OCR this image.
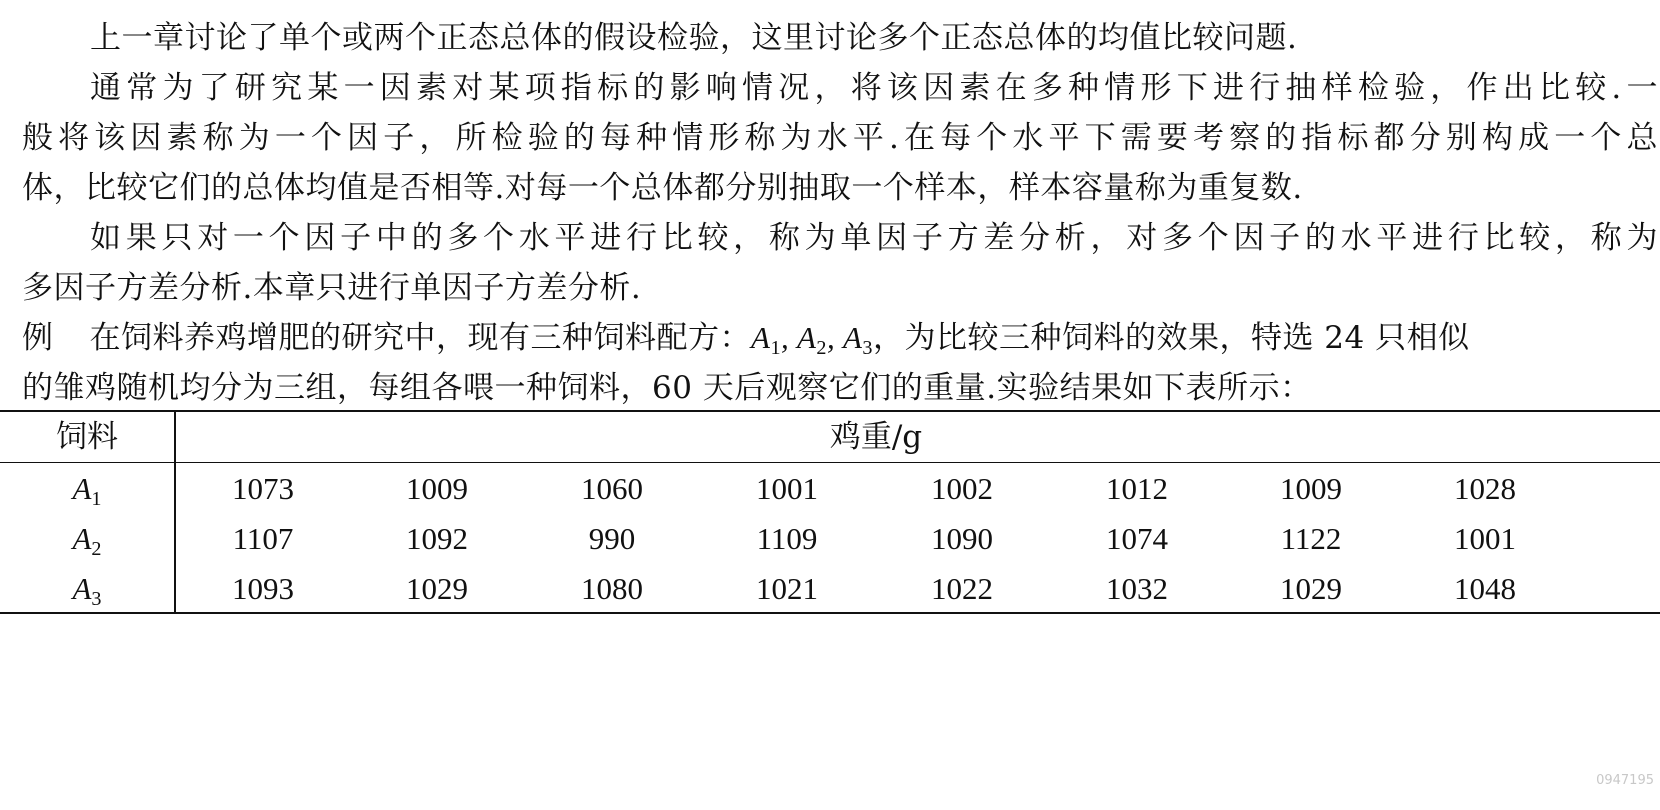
上一章讨论了单个或两个正态总体的假设检验，这里讨论多个正态总体的均值比较问题.
通常为了研究某一因素对某项指标的影响情况，将该因素在多种情形下进行抽样检验，作出比较.一
般将该因素称为一个因子，所检验的每种情形称为水平.在每个水平下需要考察的指标都分别构成一个总
体，比较它们的总体均值是否相等.对每一个总体都分别抽取一个样本，样本容量称为重复数.
如果只对一个因子中的多个水平进行比较，称为单因子方差分析，对多个因子的水平进行比较，称为
多因子方差分析.本章只进行单因子方差分析.
例 在饲料养鸡增肥的研究中，现有三种饲料配方：$A_1$, $A_2$, $A_3$，为比较三种饲料的效果，特选 24 只相似
的雏鸡随机均分为三组，每组各喂一种饲料，60 天后观察它们的重量.实验结果如下表所示：
饲料	鸡重/g
$A_1$	1073	1009	1060	1001	1002	1012	1009	1028
$A_2$	1107	1092	990	1109	1090	1074	1122	1001
$A_3$	1093	1029	1080	1021	1022	1032	1029	1048
0947195
